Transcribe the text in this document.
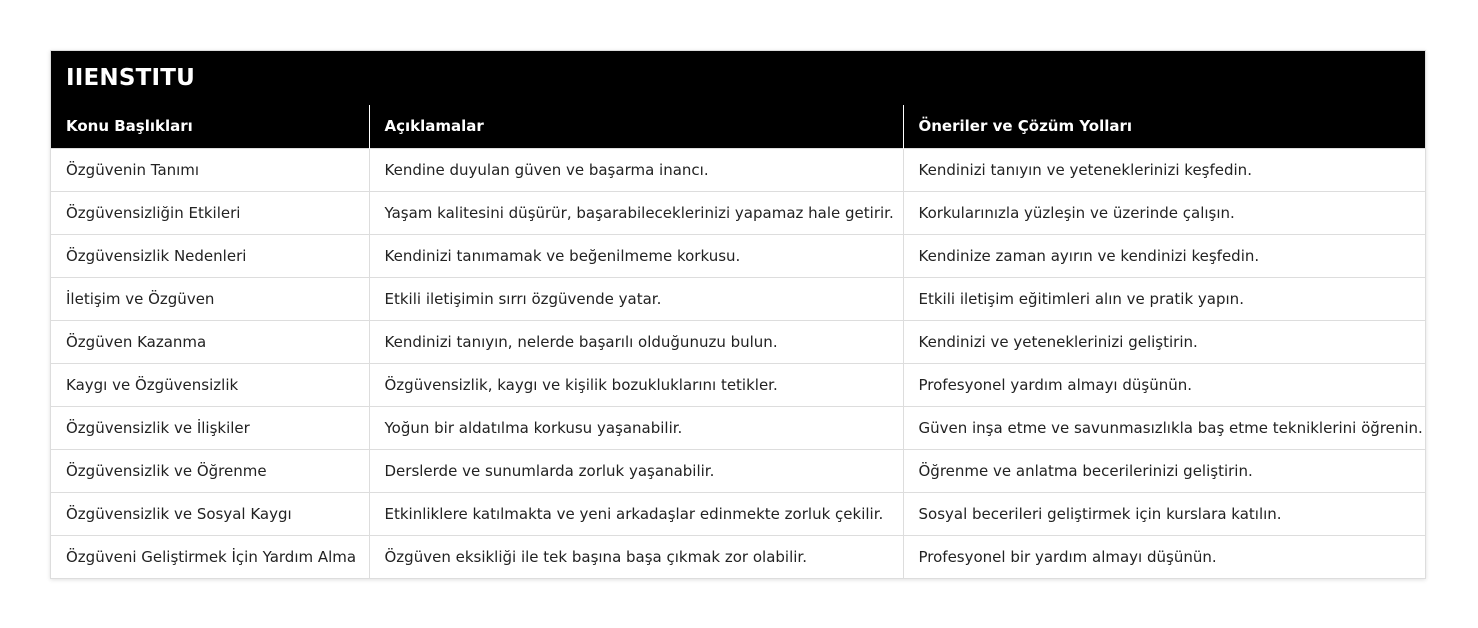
IIENSTITU
Konu Başlıkları	Açıklamalar	Öneriler ve Çözüm Yolları
Özgüvenin Tanımı	Kendine duyulan güven ve başarma inancı.	Kendinizi tanıyın ve yeteneklerinizi keşfedin.
Özgüvensizliğin Etkileri	Yaşam kalitesini düşürür, başarabileceklerinizi yapamaz hale getirir.	Korkularınızla yüzleşin ve üzerinde çalışın.
Özgüvensizlik Nedenleri	Kendinizi tanımamak ve beğenilmeme korkusu.	Kendinize zaman ayırın ve kendinizi keşfedin.
İletişim ve Özgüven	Etkili iletişimin sırrı özgüvende yatar.	Etkili iletişim eğitimleri alın ve pratik yapın.
Özgüven Kazanma	Kendinizi tanıyın, nelerde başarılı olduğunuzu bulun.	Kendinizi ve yeteneklerinizi geliştirin.
Kaygı ve Özgüvensizlik	Özgüvensizlik, kaygı ve kişilik bozukluklarını tetikler.	Profesyonel yardım almayı düşünün.
Özgüvensizlik ve İlişkiler	Yoğun bir aldatılma korkusu yaşanabilir.	Güven inşa etme ve savunmasızlıkla baş etme tekniklerini öğrenin.
Özgüvensizlik ve Öğrenme	Derslerde ve sunumlarda zorluk yaşanabilir.	Öğrenme ve anlatma becerilerinizi geliştirin.
Özgüvensizlik ve Sosyal Kaygı	Etkinliklere katılmakta ve yeni arkadaşlar edinmekte zorluk çekilir.	Sosyal becerileri geliştirmek için kurslara katılın.
Özgüveni Geliştirmek İçin Yardım Alma	Özgüven eksikliği ile tek başına başa çıkmak zor olabilir.	Profesyonel bir yardım almayı düşünün.
